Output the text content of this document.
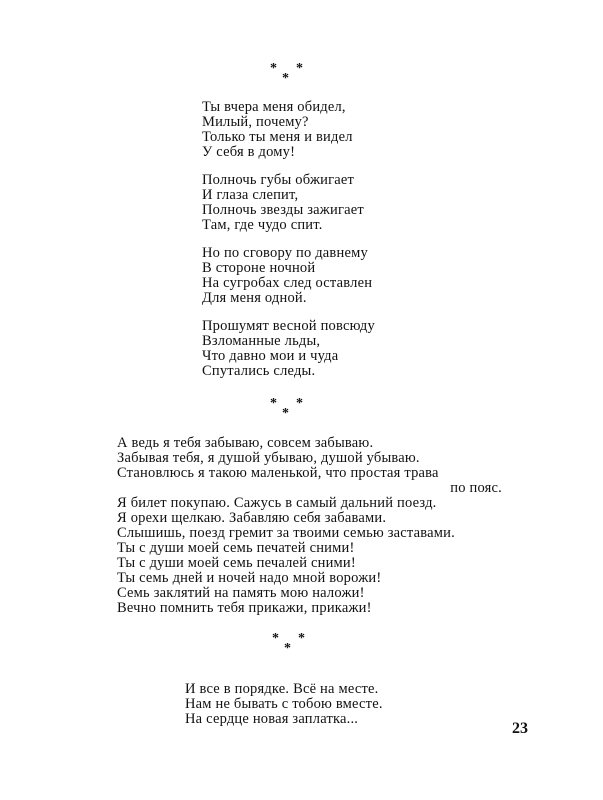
*
*
*
Ты вчера меня обидел,
Милый, почему?
Только ты меня и видел
У себя в дому!
Полночь губы обжигает
И глаза слепит,
Полночь звезды зажигает
Там, где чудо спит.
Но по сговору по давнему
В стороне ночной
На сугробах след оставлен
Для меня одной.
Прошумят весной повсюду
Взломанные льды,
Что давно мои и чуда
Спутались следы.
*
*
*
А ведь я тебя забываю, совсем забываю.
Забывая тебя, я душой убываю, душой убываю.
Становлюсь я такою маленькой, что простая трава
по пояс.
Я билет покупаю. Сажусь в самый дальний поезд.
Я орехи щелкаю. Забавляю себя забавами.
Слышишь, поезд гремит за твоими семью заставами.
Ты с души моей семь печатей сними!
Ты с души моей семь печалей сними!
Ты семь дней и ночей надо мной ворожи!
Семь заклятий на память мою наложи!
Вечно помнить тебя прикажи, прикажи!
*
*
*
И все в порядке. Всё на месте.
Нам не бывать с тобою вместе.
На сердце новая заплатка...
23
